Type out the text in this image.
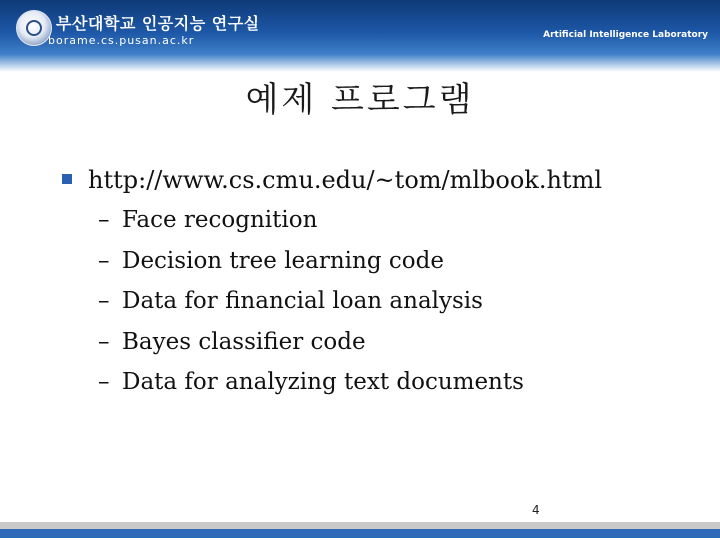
부산대학교 인공지능 연구실
borame.cs.pusan.ac.kr	Artificial Intelligence Laboratory
예제 프로그램
http://www.cs.cmu.edu/~tom/mlbook.html
– Face recognition
– Decision tree learning code
– Data for financial loan analysis
– Bayes classifier code
– Data for analyzing text documents
4
